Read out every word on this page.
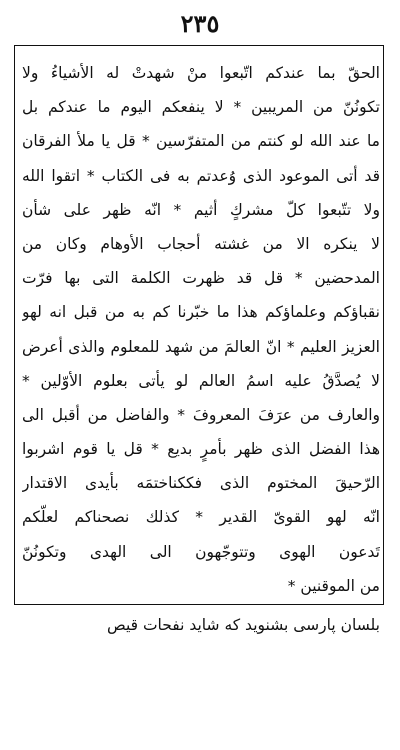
٢٣٥
الحقّ بما عندكم اتّبعوا منْ شهدتْ له الأشياءُ ولا
تكونُنّ من المريبين * لا ينفعكم اليوم ما عندكم بل
ما عند الله لو كنتم من المتفرّسين * قل يا ملأ الفرقان
قد أتى الموعود الذى وُعدتم به فى الكتاب * اتقوا الله
ولا تتّبعوا كلّ مشركٍ أثيم * انّه ظهر على شأن
لا ينكره الا من غشته أحجاب الأوهام وكان من
المدحضين * قل قد ظهرت الكلمة التى بها فرّت
نقباؤكم وعلماؤكم هذا ما خبّرنا كم به من قبل انه لهو
العزيز العليم * انّ العالمَ من شهد للمعلوم والذى أعرض
لا يُصدَّقُ عليه اسمُ العالم لو يأتى بعلوم الأوّلين *
والعارف من عرَفَ المعروفَ * والفاضل من أقبل الى
هذا الفضل الذى ظهر بأمرٍ بديع * قل يا قوم اشربوا
الرّحيقَ المختوم الذى فككناختمَه بأيدى الاقتدار
انّه لهو القوىّ القدير * كذلك نصحناكم لعلّكم
تَدعون الهوى وتتوجّهون الى الهدى وتكونُنّ
من الموقنين *
بلسان پارسى بشنويد كه شايد نفحات قيص
